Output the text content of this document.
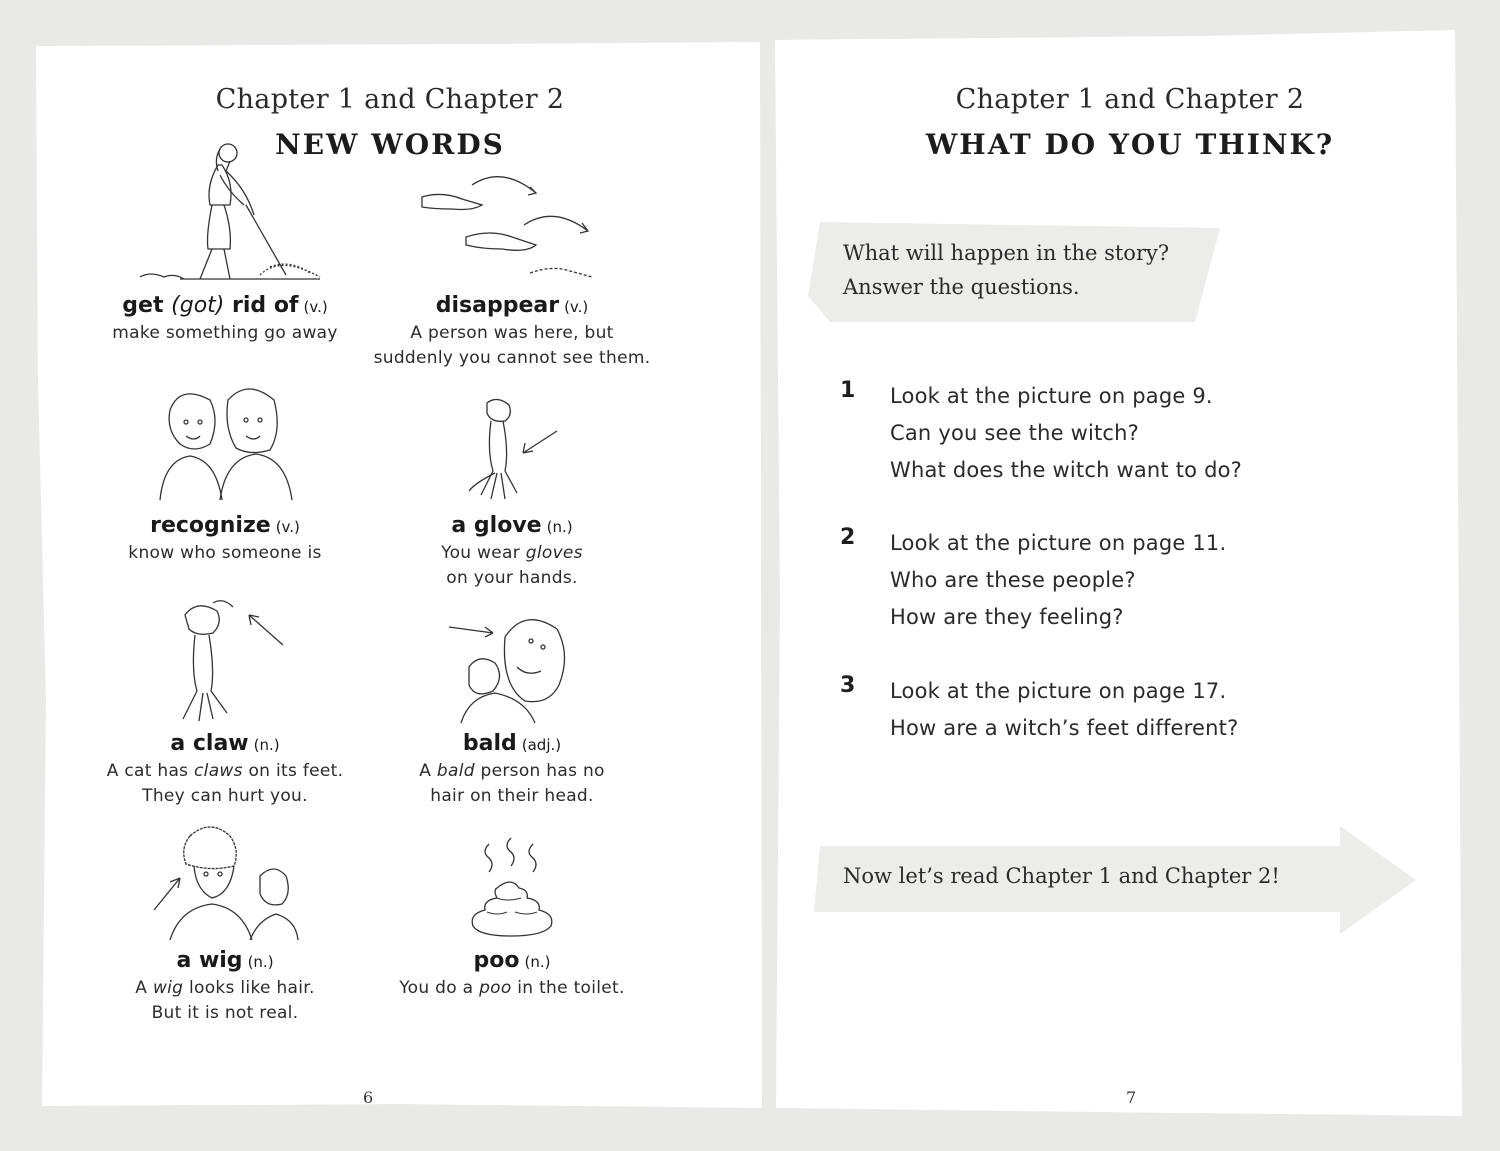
Chapter 1 and Chapter 2
NEW WORDS
get (got) rid of (v.)
make something go away
disappear (v.)
A person was here, but
suddenly you cannot see them.
recognize (v.)
know who someone is
a glove (n.)
You wear gloves
on your hands.
a claw (n.)
A cat has claws on its feet.
They can hurt you.
bald (adj.)
A bald person has no
hair on their head.
a wig (n.)
A wig looks like hair.
But it is not real.
poo (n.)
You do a poo in the toilet.
6
Chapter 1 and Chapter 2
WHAT DO YOU THINK?
What will happen in the story?
Answer the questions.
1 Look at the picture on page 9.
Can you see the witch?
What does the witch want to do?
2 Look at the picture on page 11.
Who are these people?
How are they feeling?
3 Look at the picture on page 17.
How are a witch’s feet different?
Now let’s read Chapter 1 and Chapter 2!
7
